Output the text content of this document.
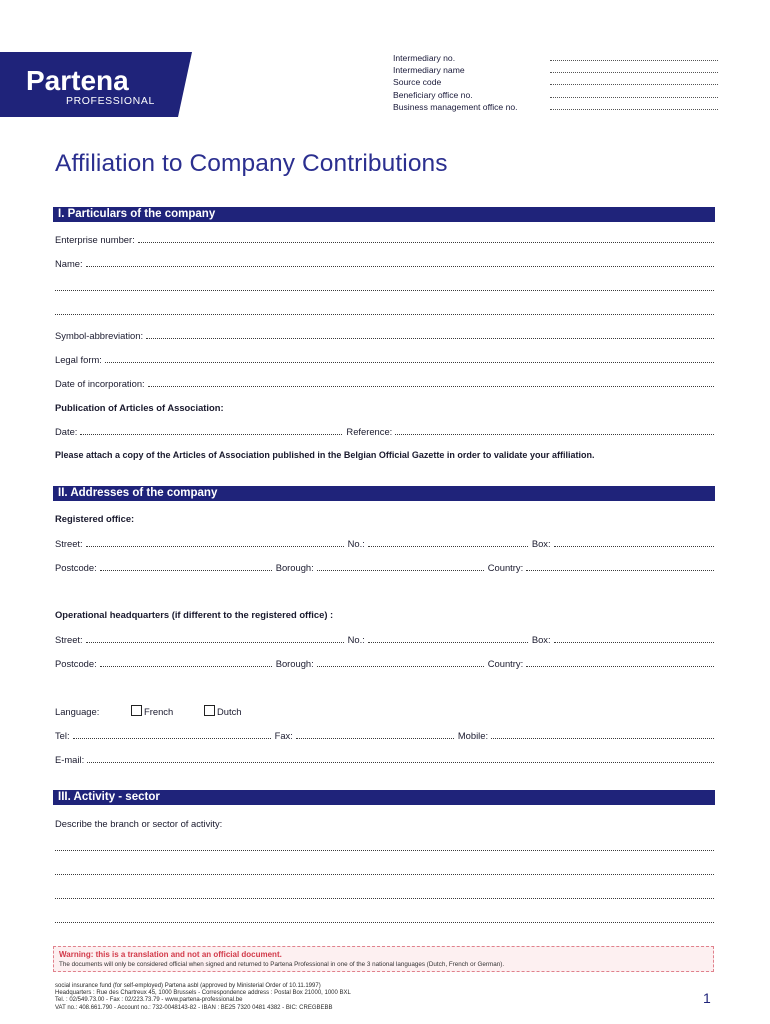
Partena
PROFESSIONAL
Intermediary no.
Intermediary name
Source code
Beneficiary office no.
Business management office no.
Affiliation to Company Contributions
I. Particulars of the company
Enterprise number:
Name:
Symbol-abbreviation:
Legal form:
Date of incorporation:
Publication of Articles of Association:
Date:	Reference:
Please attach a copy of the Articles of Association published in the Belgian Official Gazette in order to validate your affiliation.
II. Addresses of the company
Registered office:
Street:	No.:	Box:
Postcode:	Borough:	Country:
Operational headquarters (if different to the registered office) :
Street:	No.:	Box:
Postcode:	Borough:	Country:
Language:	French	Dutch
Tel:	Fax:	Mobile:
E-mail:
III. Activity - sector
Describe the branch or sector of activity:
Warning: this is a translation and not an official document.
The documents will only be considered official when signed and returned to Partena Professional in one of the 3 national languages (Dutch, French or German).
social insurance fund (for self-employed) Partena asbl (approved by Ministerial Order of 10.11.1997)
Headquarters : Rue des Chartreux 45, 1000 Brussels - Correspondence address : Postal Box 21000, 1000 BXL
Tel. : 02/549.73.00 - Fax : 02/223.73.79 - www.partena-professional.be
VAT no.: 408.661.790 - Account no.: 732-0048143-82 - IBAN : BE25 7320 0481 4382 - BIC: CREGBEBB
1
